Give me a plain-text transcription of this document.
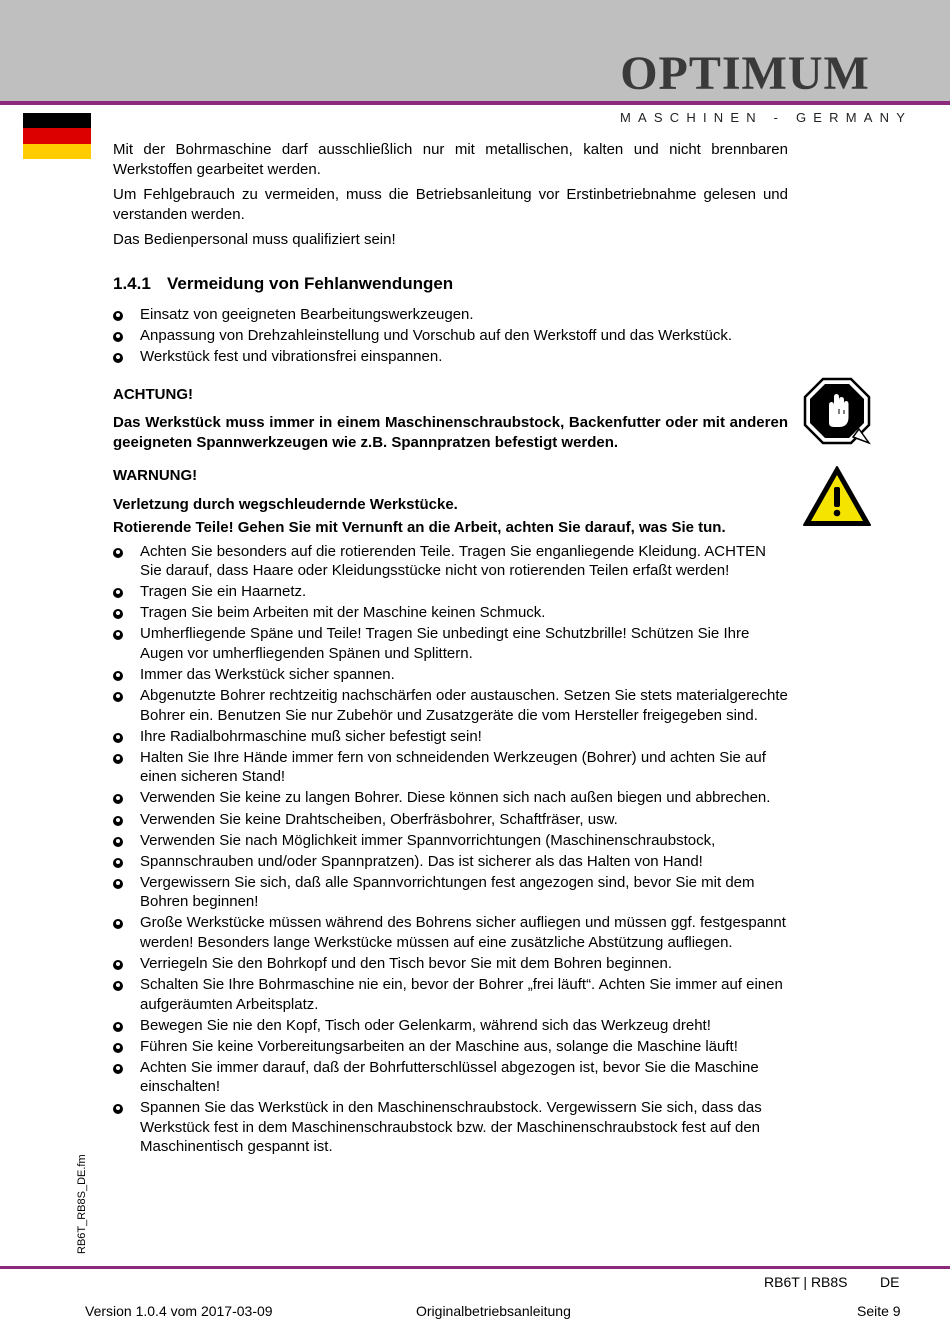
OPTIMUM
MASCHINEN - GERMANY

Mit der Bohrmaschine darf ausschließlich nur mit metallischen, kalten und nicht brennbaren Werkstoffen gearbeitet werden.

Um Fehlgebrauch zu vermeiden, muss die Betriebsanleitung vor Erstinbetriebnahme gelesen und verstanden werden.

Das Bedienpersonal muss qualifiziert sein!

1.4.1 Vermeidung von Fehlanwendungen
Einsatz von geeigneten Bearbeitungswerkzeugen.
Anpassung von Drehzahleinstellung und Vorschub auf den Werkstoff und das Werkstück.
Werkstück fest und vibrationsfrei einspannen.
ACHTUNG!
Das Werkstück muss immer in einem Maschinenschraubstock, Backenfutter oder mit anderen geeigneten Spannwerkzeugen wie z.B. Spannpratzen befestigt werden.
WARNUNG!
Verletzung durch wegschleudernde Werkstücke.
Rotierende Teile! Gehen Sie mit Vernunft an die Arbeit, achten Sie darauf, was Sie tun.
Achten Sie besonders auf die rotierenden Teile. Tragen Sie enganliegende Kleidung. ACHTEN Sie darauf, dass Haare oder Kleidungsstücke nicht von rotierenden Teilen erfaßt werden!
Tragen Sie ein Haarnetz.
Tragen Sie beim Arbeiten mit der Maschine keinen Schmuck.
Umherfliegende Späne und Teile! Tragen Sie unbedingt eine Schutzbrille! Schützen Sie Ihre Augen vor umherfliegenden Spänen und Splittern.
Immer das Werkstück sicher spannen.
Abgenutzte Bohrer rechtzeitig nachschärfen oder austauschen. Setzen Sie stets materialgerechte Bohrer ein. Benutzen Sie nur Zubehör und Zusatzgeräte die vom Hersteller freigegeben sind.
Ihre Radialbohrmaschine muß sicher befestigt sein!
Halten Sie Ihre Hände immer fern von schneidenden Werkzeugen (Bohrer) und achten Sie auf einen sicheren Stand!
Verwenden Sie keine zu langen Bohrer. Diese können sich nach außen biegen und abbrechen.
Verwenden Sie keine Drahtscheiben, Oberfräsbohrer, Schaftfräser, usw.
Verwenden Sie nach Möglichkeit immer Spannvorrichtungen (Maschinenschraubstock,
Spannschrauben und/oder Spannpratzen). Das ist sicherer als das Halten von Hand!
Vergewissern Sie sich, daß alle Spannvorrichtungen fest angezogen sind, bevor Sie mit dem Bohren beginnen!
Große Werkstücke müssen während des Bohrens sicher aufliegen und müssen ggf. festgespannt werden! Besonders lange Werkstücke müssen auf eine zusätzliche Abstützung aufliegen.
Verriegeln Sie den Bohrkopf und den Tisch bevor Sie mit dem Bohren beginnen.
Schalten Sie Ihre Bohrmaschine nie ein, bevor der Bohrer „frei läuft“. Achten Sie immer auf einen aufgeräumten Arbeitsplatz.
Bewegen Sie nie den Kopf, Tisch oder Gelenkarm, während sich das Werkzeug dreht!
Führen Sie keine Vorbereitungsarbeiten an der Maschine aus, solange die Maschine läuft!
Achten Sie immer darauf, daß der Bohrfutterschlüssel abgezogen ist, bevor Sie die Maschine einschalten!
Spannen Sie das Werkstück in den Maschinenschraubstock. Vergewissern Sie sich, dass das Werkstück fest in dem Maschinenschraubstock bzw. der Maschinenschraubstock fest auf den Maschinentisch gespannt ist.
RB6T_RB8S_DE.fm
RB6T | RB8S DE
Version 1.0.4 vom 2017-03-09	Originalbetriebsanleitung	Seite 9
